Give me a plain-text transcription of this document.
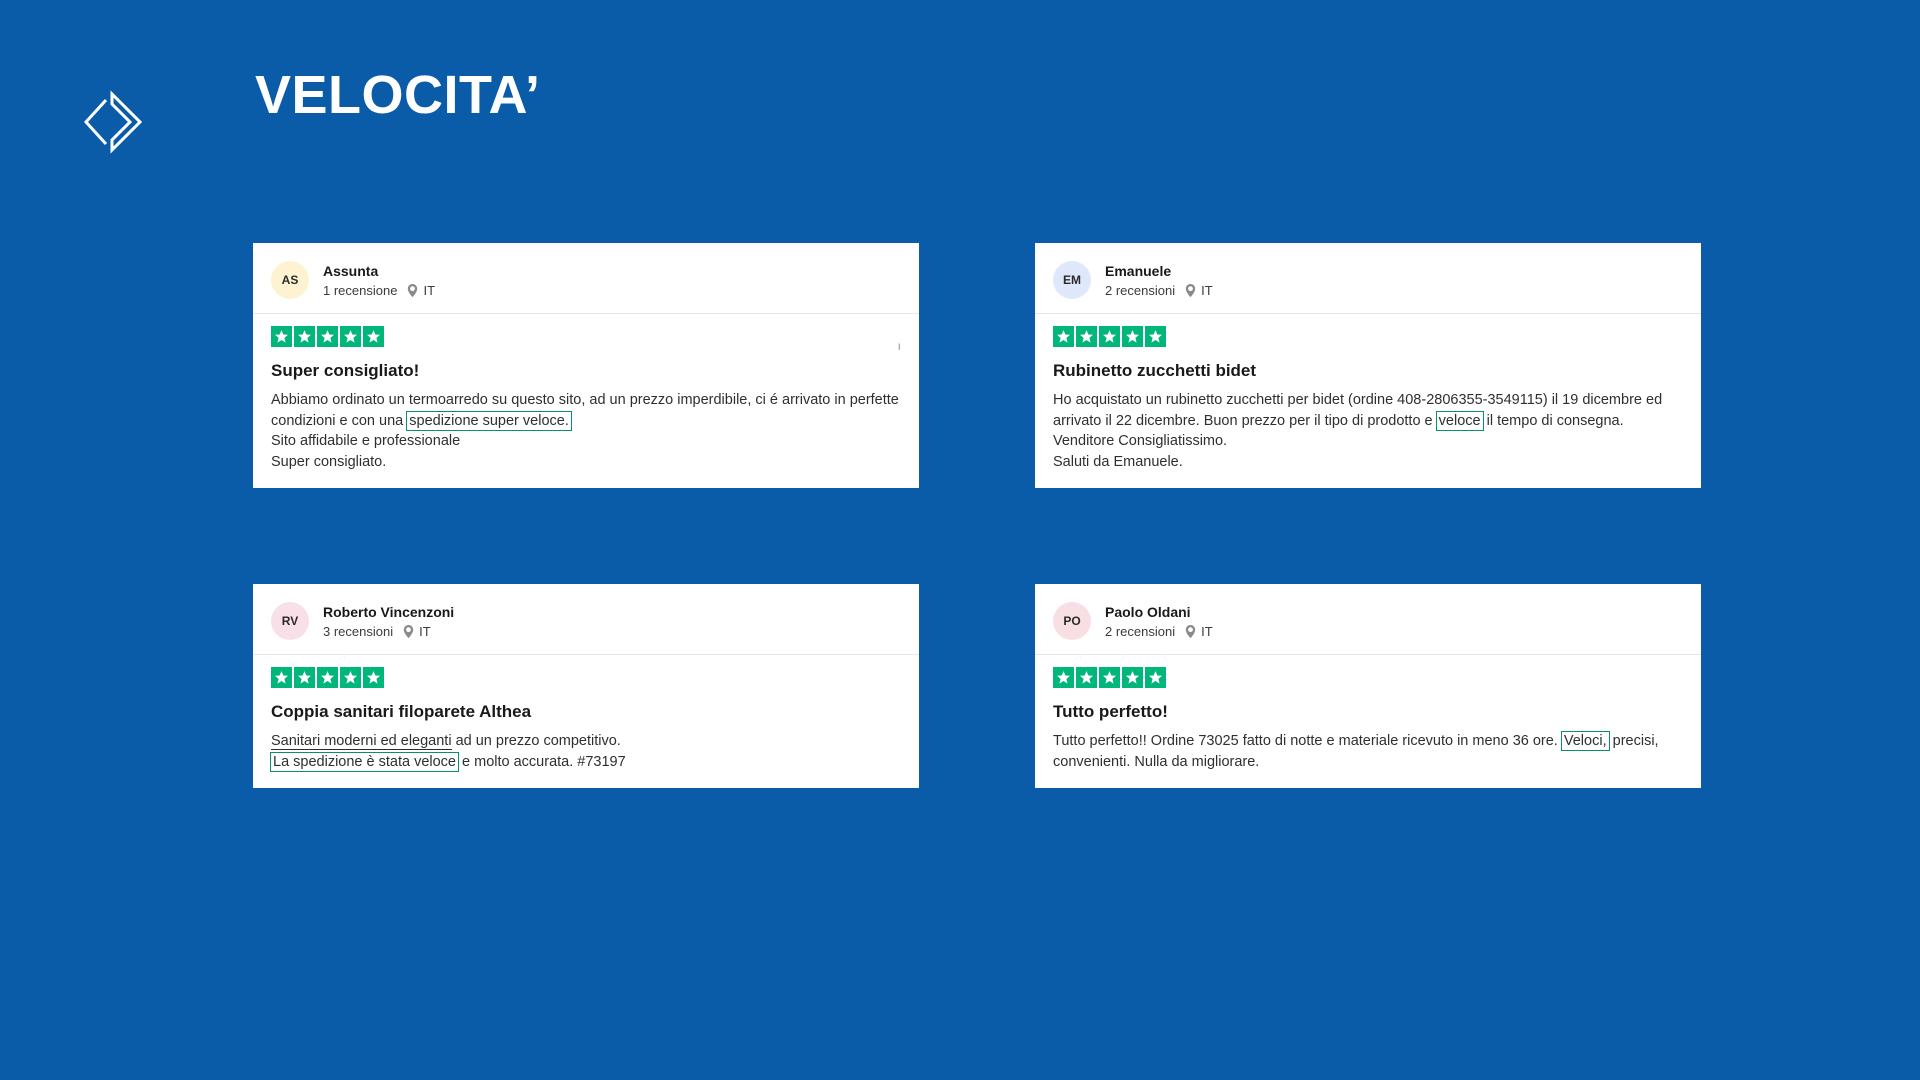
VELOCITA’
AS
Assunta
1 recensione IT
Super consigliato!

Abbiamo ordinato un termoarredo su questo sito, ad un prezzo imperdibile, ci é arrivato in perfette condizioni e con una spedizione super veloce.

Sito affidabile e professionale

Super consigliato.

ı
EM
Emanuele
2 recensioni IT
Rubinetto zucchetti bidet

Ho acquistato un rubinetto zucchetti per bidet (ordine 408-2806355-3549115) il 19 dicembre ed arrivato il 22 dicembre. Buon prezzo per il tipo di prodotto e veloce il tempo di consegna.

Venditore Consigliatissimo.

Saluti da Emanuele.

RV
Roberto Vincenzoni
3 recensioni IT
Coppia sanitari filoparete Althea

Sanitari moderni ed eleganti ad un prezzo competitivo.

La spedizione è stata veloce e molto accurata. #73197

PO
Paolo Oldani
2 recensioni IT
Tutto perfetto!

Tutto perfetto!! Ordine 73025 fatto di notte e materiale ricevuto in meno 36 ore. Veloci, precisi, convenienti. Nulla da migliorare.
